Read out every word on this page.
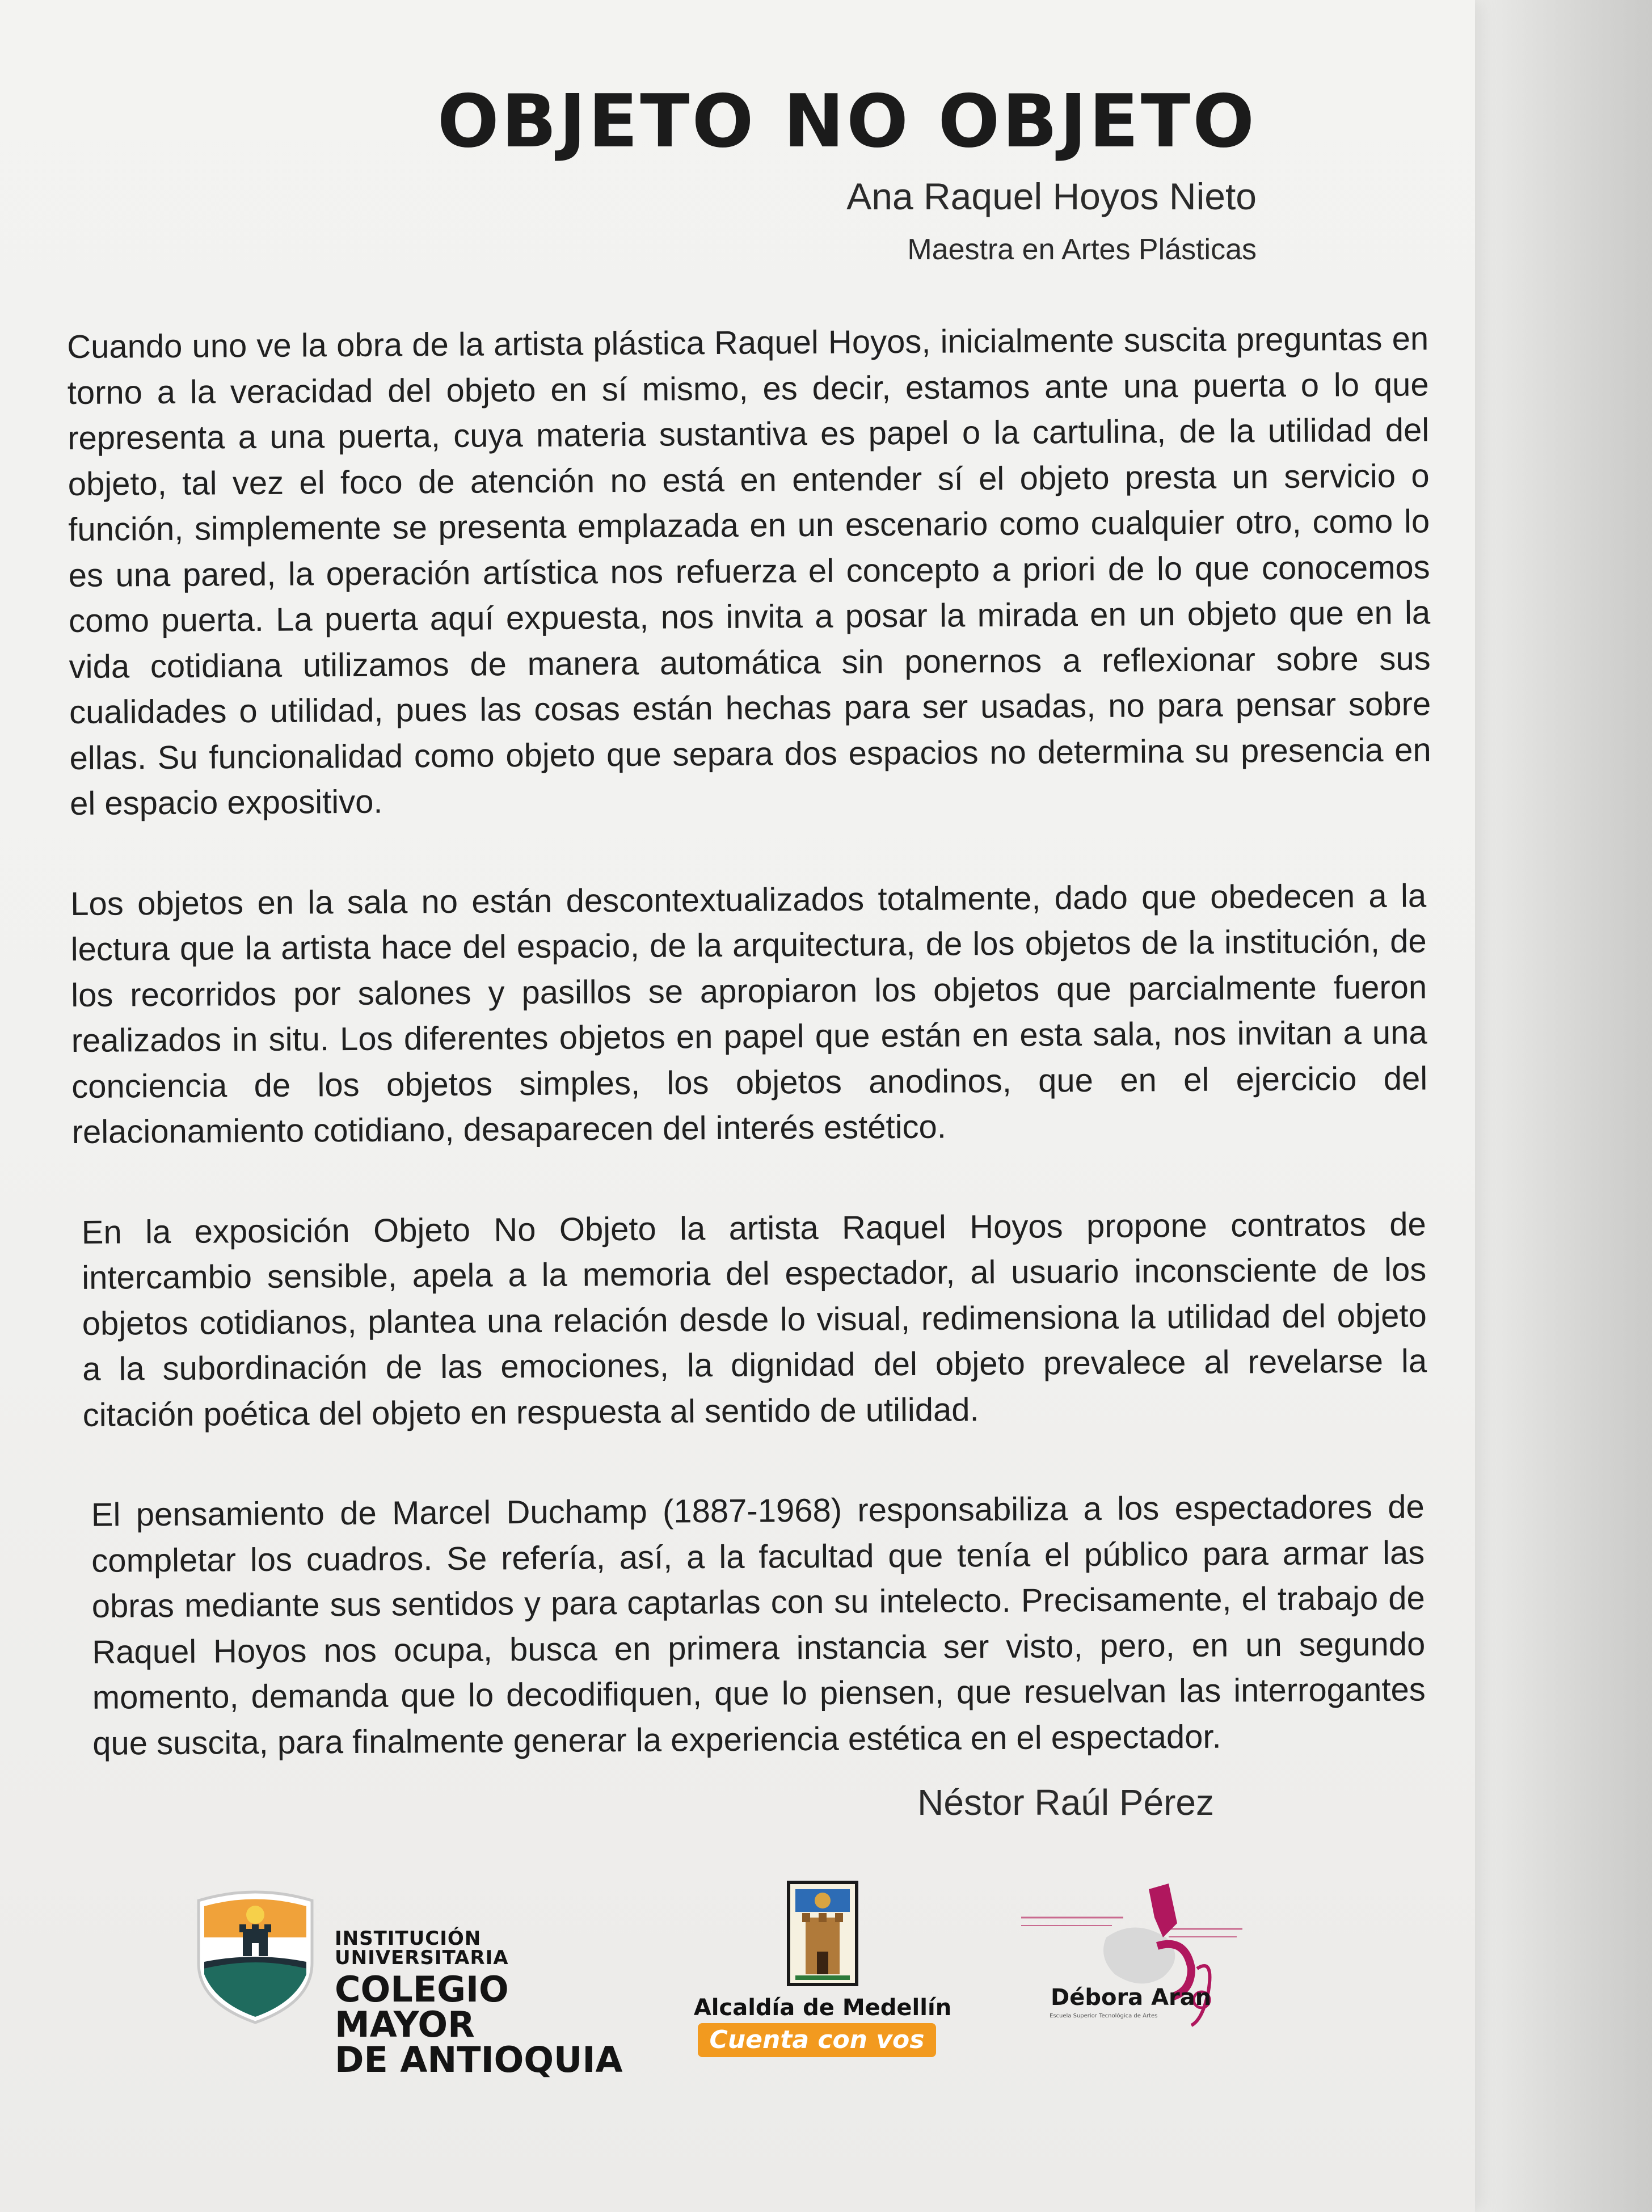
OBJETO NO OBJETO
Ana Raquel Hoyos Nieto
Maestra en Artes Plásticas

Cuando uno ve la obra de la artista plástica Raquel Hoyos, inicialmente suscita preguntas en torno a la veracidad del objeto en sí mismo, es decir, estamos ante una puerta o lo que representa a una puerta, cuya materia sustantiva es papel o la cartulina, de la utilidad del objeto, tal vez el foco de atención no está en entender sí el objeto presta un servicio o función, simplemente se presenta emplazada en un escenario como cualquier otro, como lo es una pared, la operación artística nos refuerza el concepto a priori de lo que conocemos como puerta. La puerta aquí expuesta, nos invita a posar la mirada en un objeto que en la vida cotidiana utilizamos de manera automática sin ponernos a reflexionar sobre sus cualidades o utilidad, pues las cosas están hechas para ser usadas, no para pensar sobre ellas. Su funcionalidad como objeto que separa dos espacios no determina su presencia en el espacio expositivo.

Los objetos en la sala no están descontextualizados totalmente, dado que obedecen a la lectura que la artista hace del espacio, de la arquitectura, de los objetos de la institución, de los recorridos por salones y pasillos se apropiaron los objetos que parcialmente fueron realizados in situ. Los diferentes objetos en papel que están en esta sala, nos invitan a una conciencia de los objetos simples, los objetos anodinos, que en el ejercicio del relacionamiento cotidiano, desaparecen del interés estético.

En la exposición Objeto No Objeto la artista Raquel Hoyos propone contratos de intercambio sensible, apela a la memoria del espectador, al usuario inconsciente de los objetos cotidianos, plantea una relación desde lo visual, redimensiona la utilidad del objeto a la subordinación de las emociones, la dignidad del objeto prevalece al revelarse la citación poética del objeto en respuesta al sentido de utilidad.

El pensamiento de Marcel Duchamp (1887-1968) responsabiliza a los espectadores de completar los cuadros. Se refería, así, a la facultad que tenía el público para armar las obras mediante sus sentidos y para captarlas con su intelecto. Precisamente, el trabajo de Raquel Hoyos nos ocupa, busca en primera instancia ser visto, pero, en un segundo momento, demanda que lo decodifiquen, que lo piensen, que resuelvan las interrogantes que suscita, para finalmente generar la experiencia estética en el espectador.

Néstor Raúl Pérez
INSTITUCIÓN UNIVERSITARIA
COLEGIO MAYOR
DE ANTIOQUIA
Alcaldía de Medellín
Cuenta con vos
Débora Aran
Escuela Superior Tecnológica de Artes
